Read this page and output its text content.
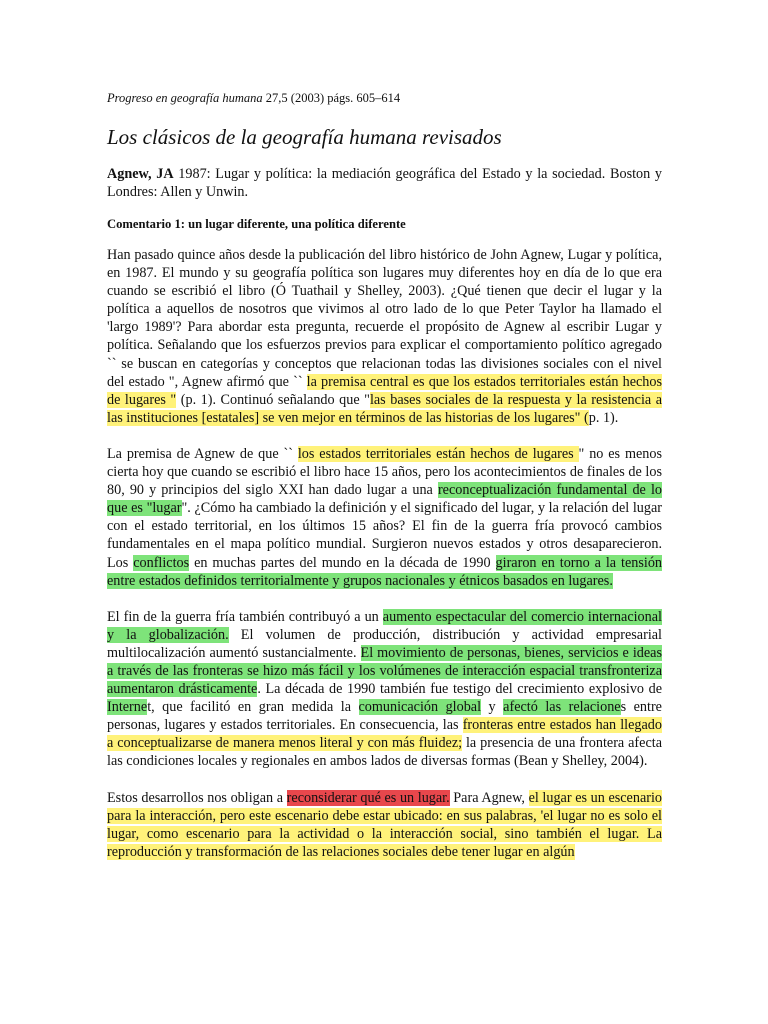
Progreso en geografía humana 27,5 (2003) págs. 605–614
Los clásicos de la geografía humana revisados
Agnew, JA 1987: Lugar y política: la mediación geográfica del Estado y la sociedad. Boston y Londres: Allen y Unwin.
Comentario 1: un lugar diferente, una política diferente

Han pasado quince años desde la publicación del libro histórico de John Agnew, Lugar y política, en 1987. El mundo y su geografía política son lugares muy diferentes hoy en día de lo que era cuando se escribió el libro (Ó Tuathail y Shelley, 2003). ¿Qué tienen que decir el lugar y la política a aquellos de nosotros que vivimos al otro lado de lo que Peter Taylor ha llamado el 'largo 1989'? Para abordar esta pregunta, recuerde el propósito de Agnew al escribir Lugar y política. Señalando que los esfuerzos previos para explicar el comportamiento político agregado `` se buscan en categorías y conceptos que relacionan todas las divisiones sociales con el nivel del estado ", Agnew afirmó que `` la premisa central es que los estados territoriales están hechos de lugares " (p. 1). Continuó señalando que "las bases sociales de la respuesta y la resistencia a las instituciones [estatales] se ven mejor en términos de las historias de los lugares" (p. 1).

La premisa de Agnew de que `` los estados territoriales están hechos de lugares " no es menos cierta hoy que cuando se escribió el libro hace 15 años, pero los acontecimientos de finales de los 80, 90 y principios del siglo XXI han dado lugar a una reconceptualización fundamental de lo que es "lugar". ¿Cómo ha cambiado la definición y el significado del lugar, y la relación del lugar con el estado territorial, en los últimos 15 años? El fin de la guerra fría provocó cambios fundamentales en el mapa político mundial. Surgieron nuevos estados y otros desaparecieron. Los conflictos en muchas partes del mundo en la década de 1990 giraron en torno a la tensión entre estados definidos territorialmente y grupos nacionales y étnicos basados en lugares.

El fin de la guerra fría también contribuyó a un aumento espectacular del comercio internacional y la globalización. El volumen de producción, distribución y actividad empresarial multilocalización aumentó sustancialmente. El movimiento de personas, bienes, servicios e ideas a través de las fronteras se hizo más fácil y los volúmenes de interacción espacial transfronteriza aumentaron drásticamente. La década de 1990 también fue testigo del crecimiento explosivo de Internet, que facilitó en gran medida la comunicación global y afectó las relaciones entre personas, lugares y estados territoriales. En consecuencia, las fronteras entre estados han llegado a conceptualizarse de manera menos literal y con más fluidez; la presencia de una frontera afecta las condiciones locales y regionales en ambos lados de diversas formas (Bean y Shelley, 2004).

Estos desarrollos nos obligan a reconsiderar qué es un lugar. Para Agnew, el lugar es un escenario para la interacción, pero este escenario debe estar ubicado: en sus palabras, 'el lugar no es solo el lugar, como escenario para la actividad o la interacción social, sino también el lugar. La reproducción y transformación de las relaciones sociales debe tener lugar en algún
